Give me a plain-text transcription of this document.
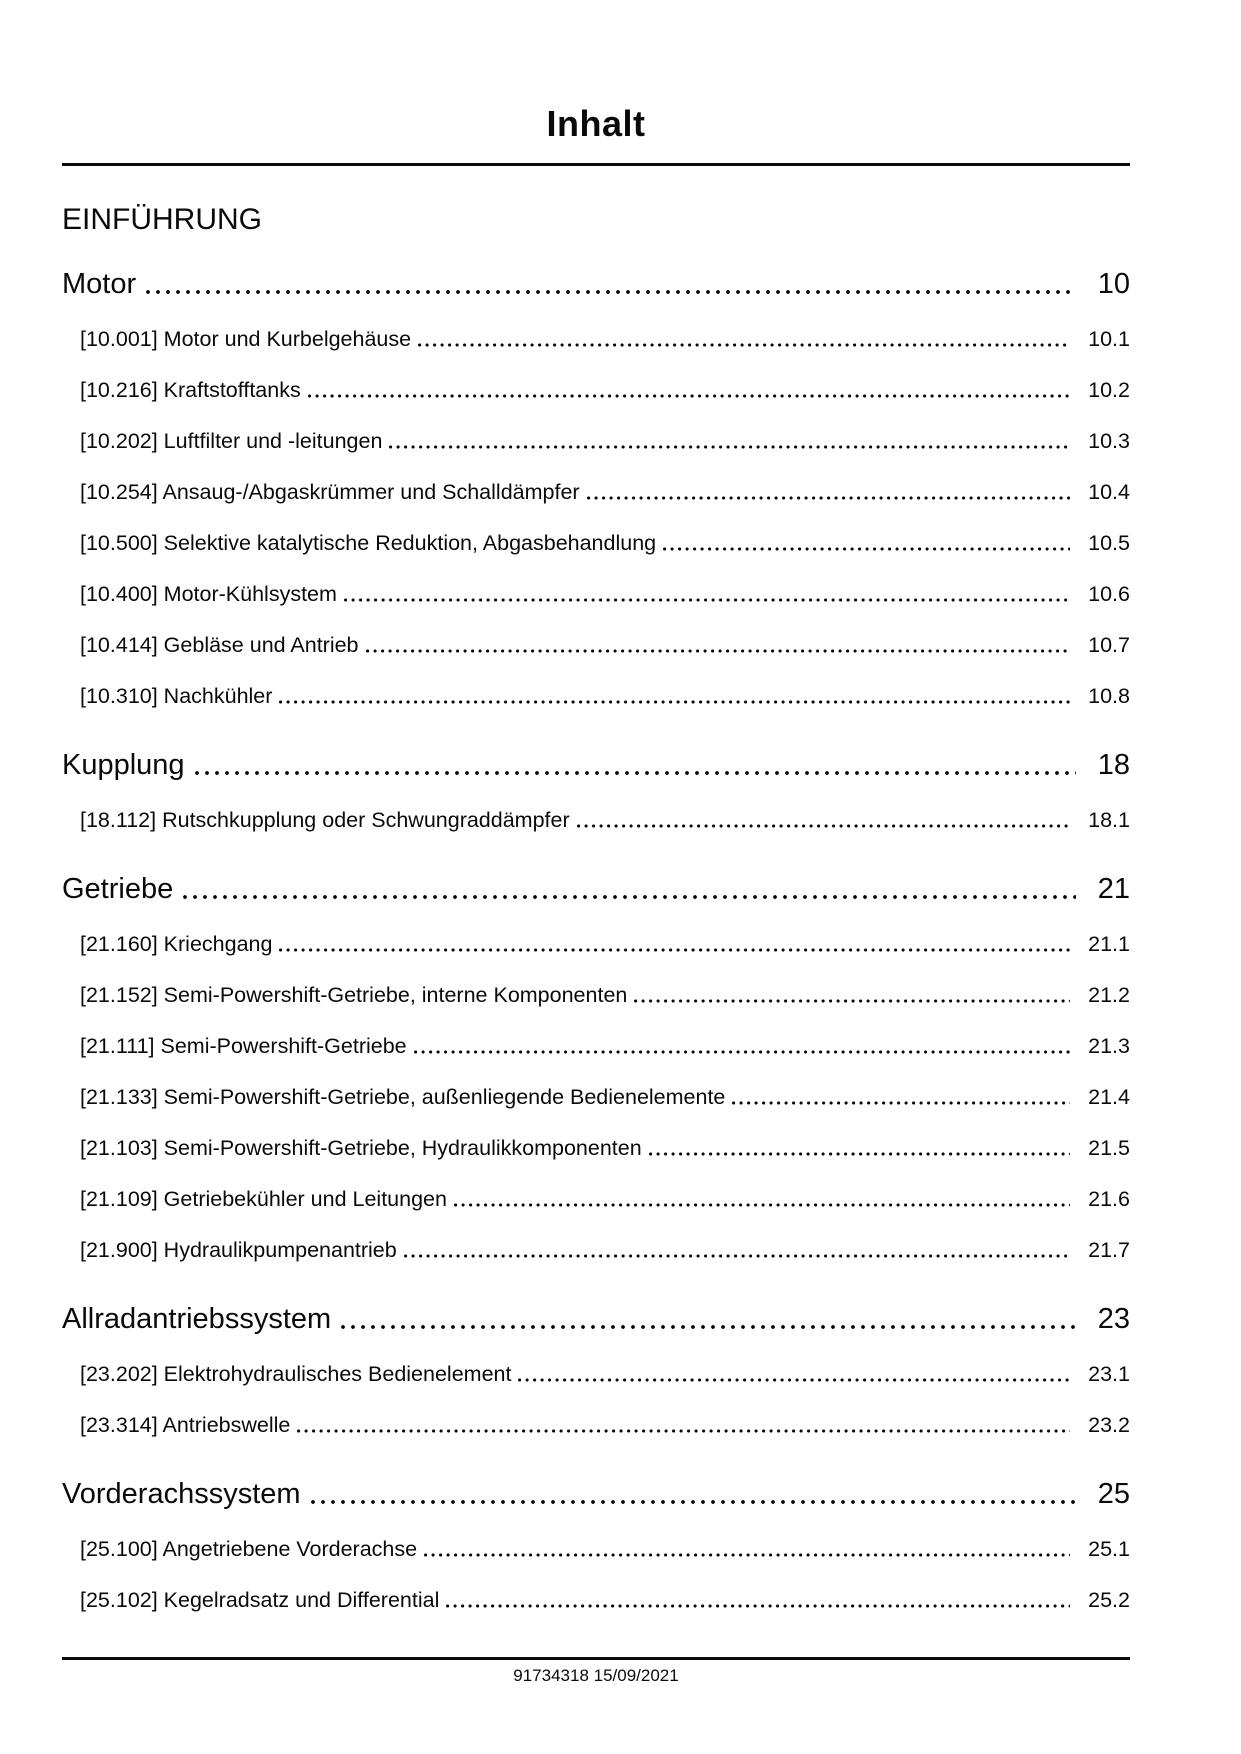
Inhalt
EINFÜHRUNG
Motor	10
[10.001] Motor und Kurbelgehäuse	10.1
[10.216] Kraftstofftanks	10.2
[10.202] Luftfilter und -leitungen	10.3
[10.254] Ansaug-/Abgaskrümmer und Schalldämpfer	10.4
[10.500] Selektive katalytische Reduktion, Abgasbehandlung	10.5
[10.400] Motor-Kühlsystem	10.6
[10.414] Gebläse und Antrieb	10.7
[10.310] Nachkühler	10.8
Kupplung	18
[18.112] Rutschkupplung oder Schwungraddämpfer	18.1
Getriebe	21
[21.160] Kriechgang	21.1
[21.152] Semi-Powershift-Getriebe, interne Komponenten	21.2
[21.111] Semi-Powershift-Getriebe	21.3
[21.133] Semi-Powershift-Getriebe, außenliegende Bedienelemente	21.4
[21.103] Semi-Powershift-Getriebe, Hydraulikkomponenten	21.5
[21.109] Getriebekühler und Leitungen	21.6
[21.900] Hydraulikpumpenantrieb	21.7
Allradantriebssystem	23
[23.202] Elektrohydraulisches Bedienelement	23.1
[23.314] Antriebswelle	23.2
Vorderachssystem	25
[25.100] Angetriebene Vorderachse	25.1
[25.102] Kegelradsatz und Differential	25.2
91734318 15/09/2021
